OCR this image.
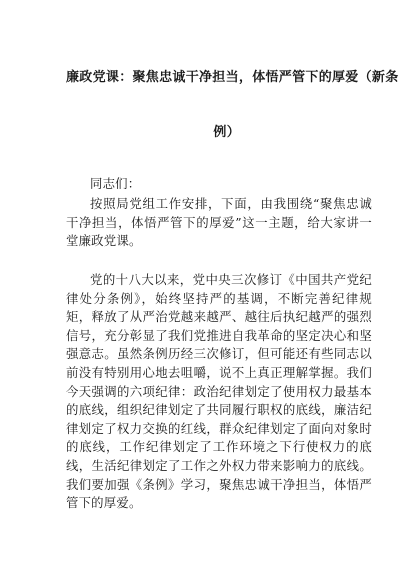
廉政党课：聚焦忠诚干净担当，体悟严管下的厚爱（新条
例）

同志们：

按照局党组工作安排，下面，由我围绕“聚焦忠诚干净担当，体悟严管下的厚爱”这一主题，给大家讲一堂廉政党课。

党的十八大以来，党中央三次修订《中国共产党纪律处分条例》，始终坚持严的基调，不断完善纪律规矩，释放了从严治党越来越严、越往后执纪越严的强烈信号，充分彰显了我们党推进自我革命的坚定决心和坚强意志。虽然条例历经三次修订，但可能还有些同志以前没有特别用心地去咀嚼，说不上真正理解掌握。我们今天强调的六项纪律：政治纪律划定了使用权力最基本的底线，组织纪律划定了共同履行职权的底线，廉洁纪律划定了权力交换的红线，群众纪律划定了面向对象时的底线，工作纪律划定了工作环境之下行使权力的底线，生活纪律划定了工作之外权力带来影响力的底线。我们要加强《条例》学习，聚焦忠诚干净担当，体悟严管下的厚爱。
